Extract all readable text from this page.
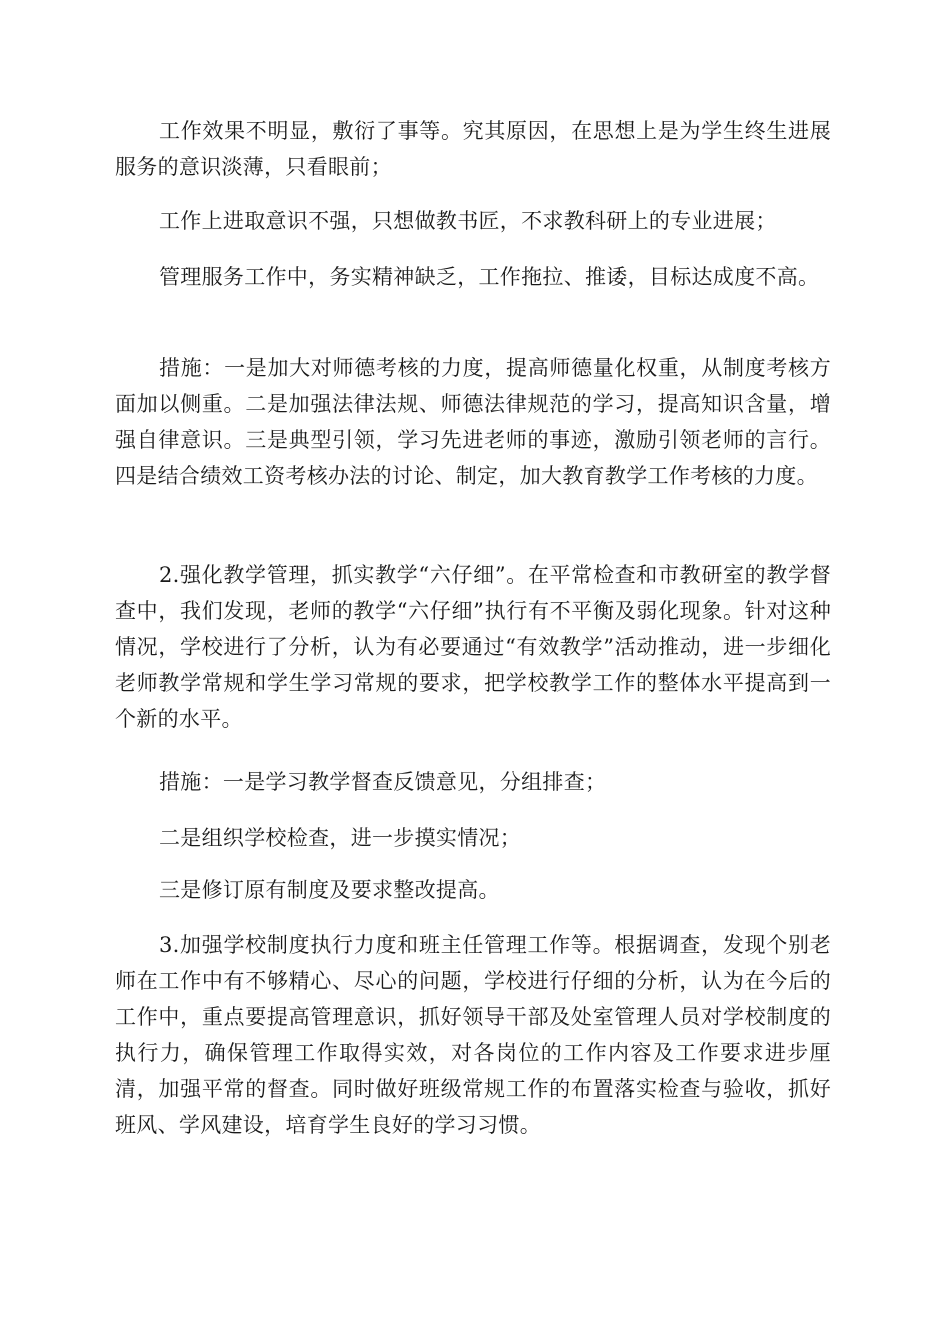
工作效果不明显，敷衍了事等。究其原因，在思想上是为学生终生进展服务的意识淡薄，只看眼前；

工作上进取意识不强，只想做教书匠，不求教科研上的专业进展；

管理服务工作中，务实精神缺乏，工作拖拉、推诿，目标达成度不高。

措施：一是加大对师德考核的力度，提高师德量化权重，从制度考核方面加以侧重。二是加强法律法规、师德法律规范的学习，提高知识含量，增强自律意识。三是典型引领，学习先进老师的事迹，激励引领老师的言行。四是结合绩效工资考核办法的讨论、制定，加大教育教学工作考核的力度。

2.强化教学管理，抓实教学“六仔细”。在平常检查和市教研室的教学督查中，我们发现，老师的教学“六仔细”执行有不平衡及弱化现象。针对这种情况，学校进行了分析，认为有必要通过“有效教学”活动推动，进一步细化老师教学常规和学生学习常规的要求，把学校教学工作的整体水平提高到一个新的水平。

措施：一是学习教学督查反馈意见，分组排查；

二是组织学校检查，进一步摸实情况；

三是修订原有制度及要求整改提高。

3.加强学校制度执行力度和班主任管理工作等。根据调查，发现个别老师在工作中有不够精心、尽心的问题，学校进行仔细的分析，认为在今后的工作中，重点要提高管理意识，抓好领导干部及处室管理人员对学校制度的执行力，确保管理工作取得实效，对各岗位的工作内容及工作要求进步厘清，加强平常的督查。同时做好班级常规工作的布置落实检查与验收，抓好班风、学风建设，培育学生良好的学习习惯。
